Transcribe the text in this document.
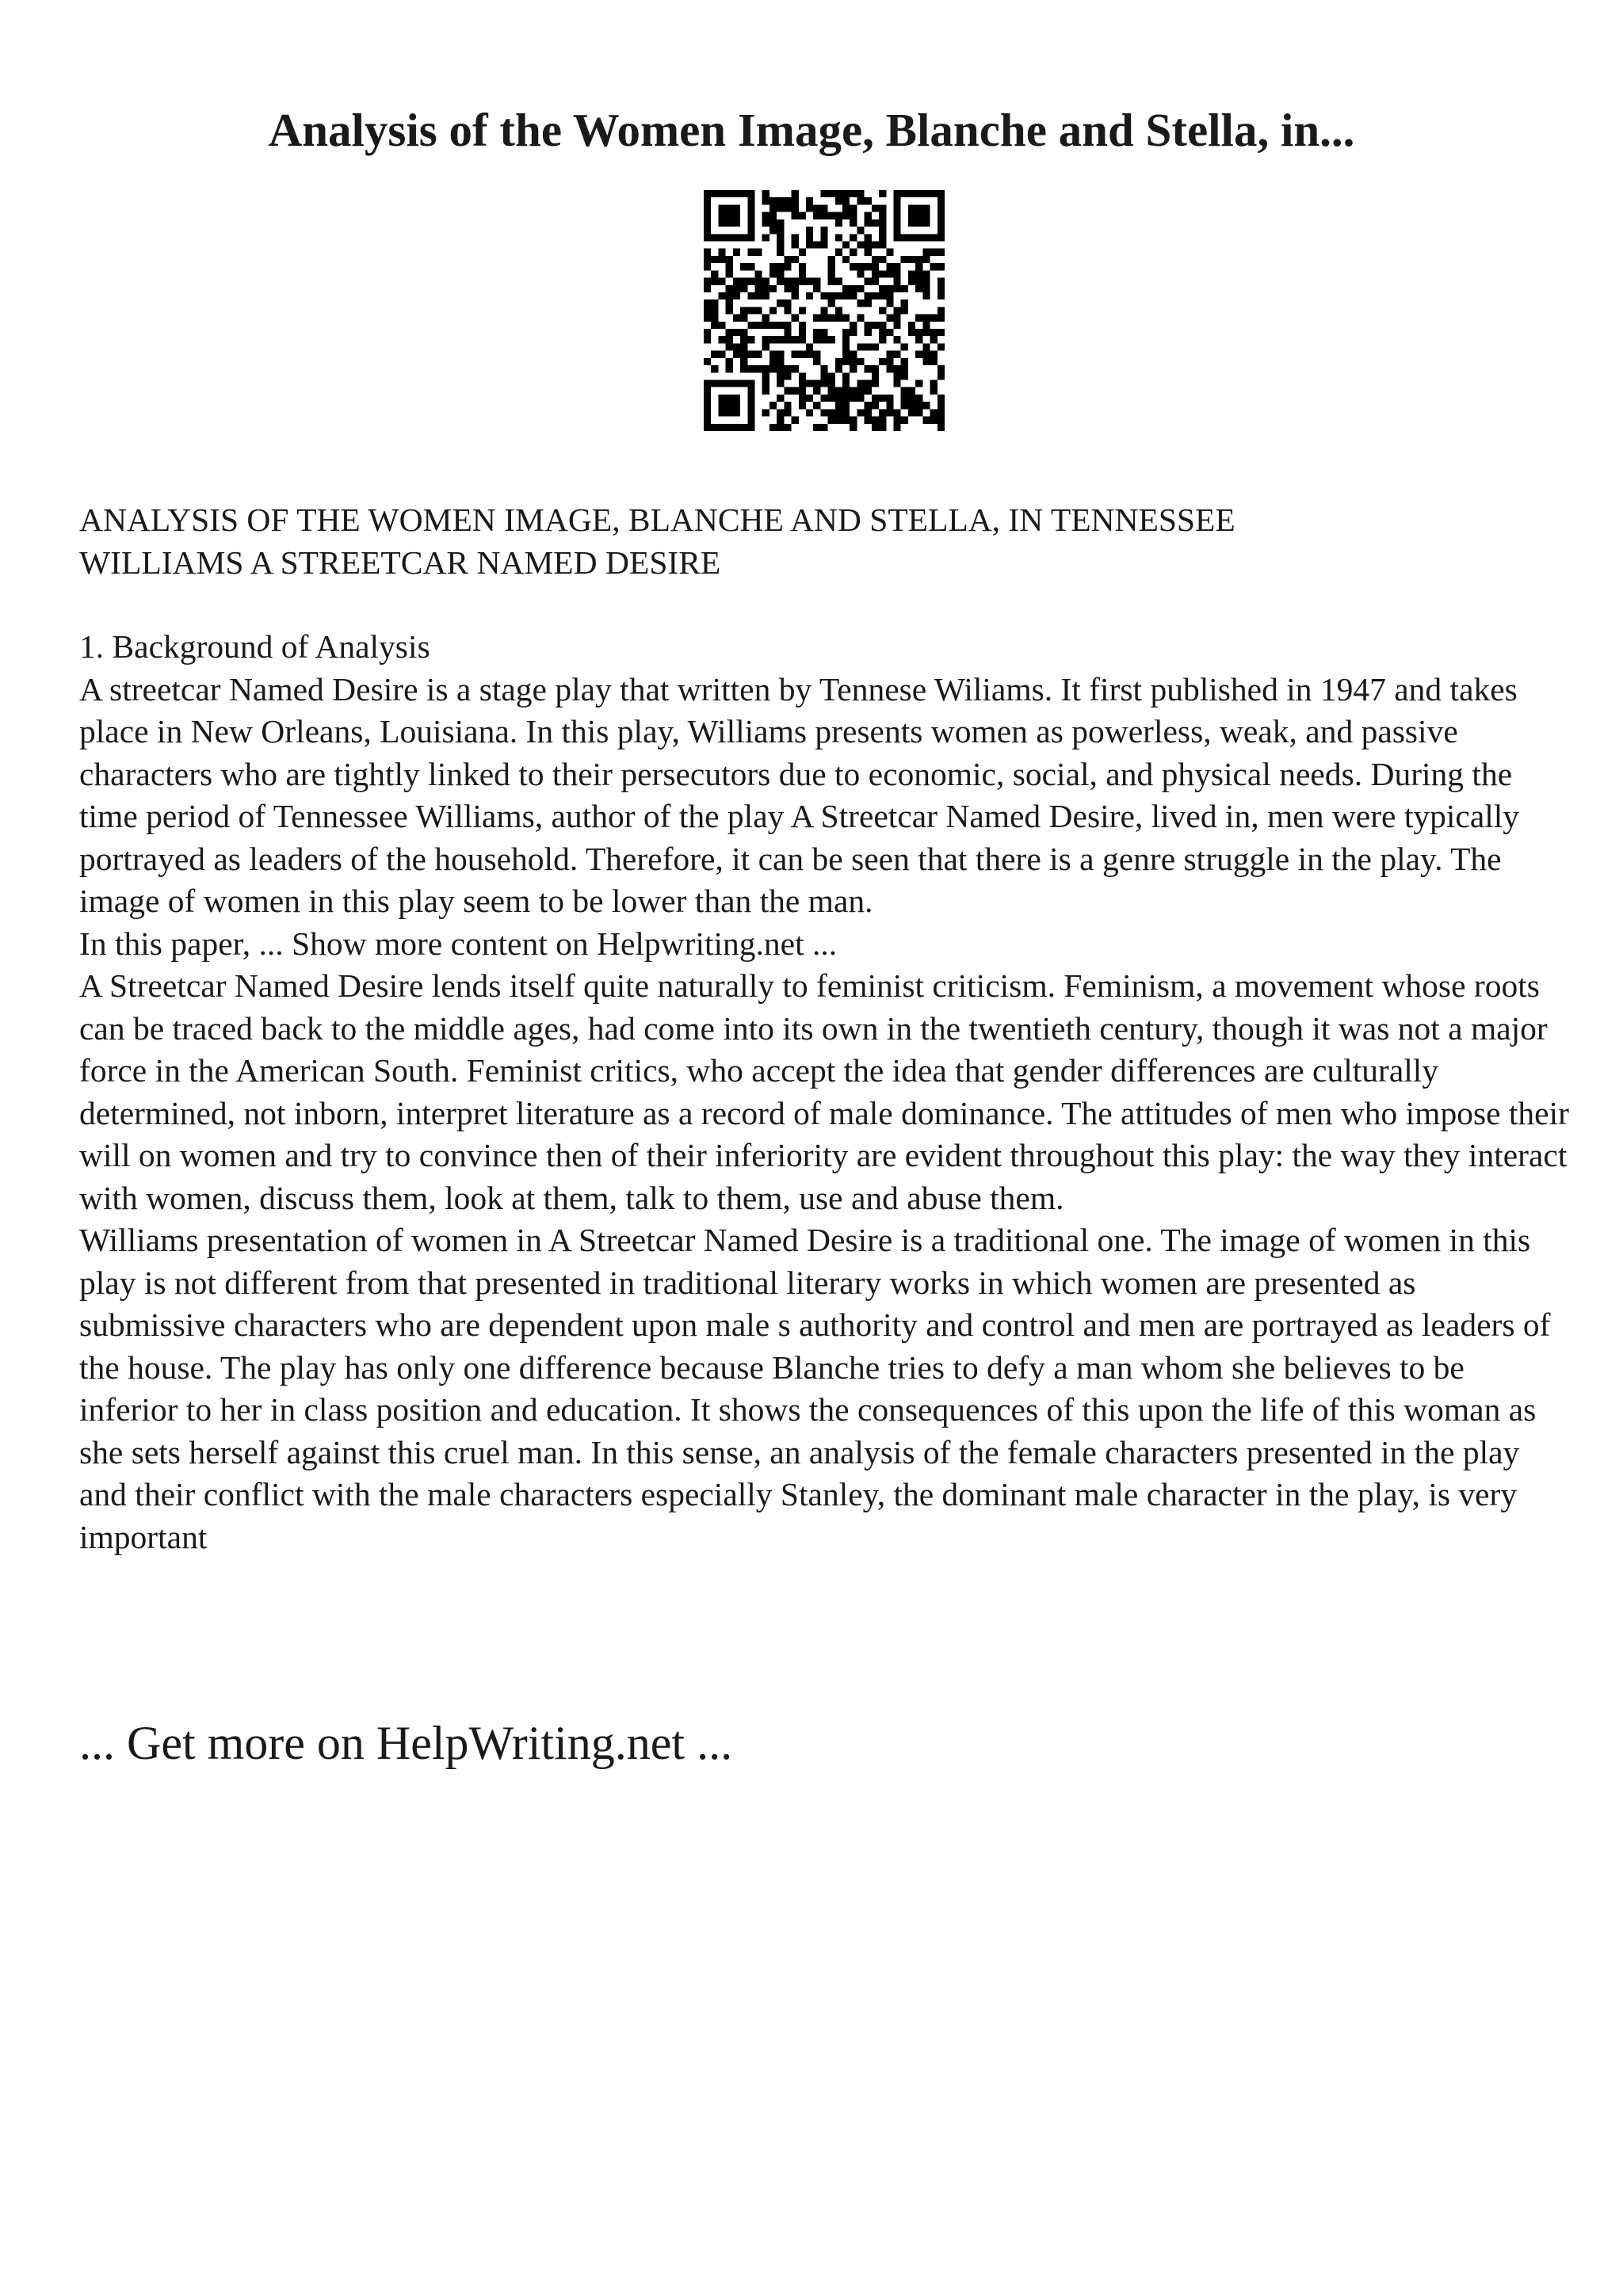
Analysis of the Women Image, Blanche and Stella, in...

ANALYSIS OF THE WOMEN IMAGE, BLANCHE AND STELLA, IN TENNESSEE
WILLIAMS A STREETCAR NAMED DESIRE

1. Background of Analysis

A streetcar Named Desire is a stage play that written by Tennese Wiliams. It first published in 1947 and takes place in New Orleans, Louisiana. In this play, Williams presents women as powerless, weak, and passive characters who are tightly linked to their persecutors due to economic, social, and physical needs. During the time period of Tennessee Williams, author of the play A Streetcar Named Desire, lived in, men were typically portrayed as leaders of the household. Therefore, it can be seen that there is a genre struggle in the play. The image of women in this play seem to be lower than the man.

In this paper, ... Show more content on Helpwriting.net ...

A Streetcar Named Desire lends itself quite naturally to feminist criticism. Feminism, a movement whose roots can be traced back to the middle ages, had come into its own in the twentieth century, though it was not a major force in the American South. Feminist critics, who accept the idea that gender differences are culturally determined, not inborn, interpret literature as a record of male dominance. The attitudes of men who impose their will on women and try to convince then of their inferiority are evident throughout this play: the way they interact with women, discuss them, look at them, talk to them, use and abuse them.

Williams presentation of women in A Streetcar Named Desire is a traditional one. The image of women in this play is not different from that presented in traditional literary works in which women are presented as submissive characters who are dependent upon male s authority and control and men are portrayed as leaders of the house. The play has only one difference because Blanche tries to defy a man whom she believes to be inferior to her in class position and education. It shows the consequences of this upon the life of this woman as she sets herself against this cruel man. In this sense, an analysis of the female characters presented in the play and their conflict with the male characters especially Stanley, the dominant male character in the play, is very important

... Get more on HelpWriting.net ...
